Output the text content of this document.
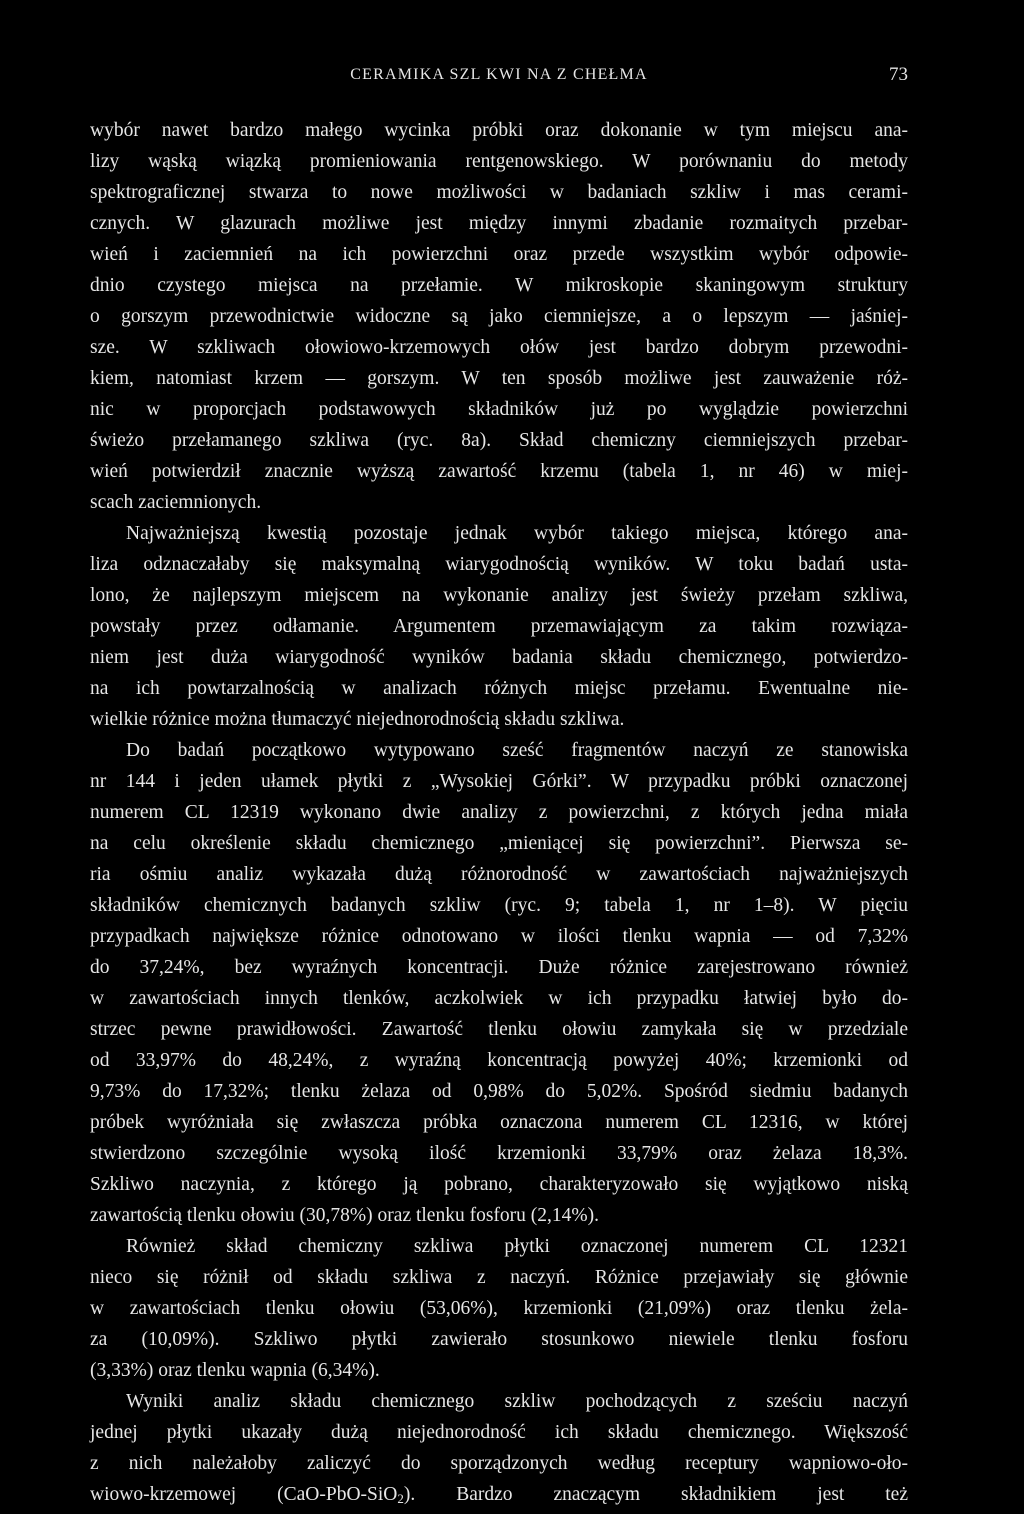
CERAMIKA SZL KWI NA Z CHEŁMA	73
wybór nawet bardzo małego wycinka próbki oraz dokonanie w tym miejscu ana-
lizy wąską wiązką promieniowania rentgenowskiego. W porównaniu do metody
spektrograficznej stwarza to nowe możliwości w badaniach szkliw i mas cerami-
cznych. W glazurach możliwe jest między innymi zbadanie rozmaitych przebar-
wień i zaciemnień na ich powierzchni oraz przede wszystkim wybór odpowie-
dnio czystego miejsca na przełamie. W mikroskopie skaningowym struktury
o gorszym przewodnictwie widoczne są jako ciemniejsze, a o lepszym — jaśniej-
sze. W szkliwach ołowiowo-krzemowych ołów jest bardzo dobrym przewodni-
kiem, natomiast krzem — gorszym. W ten sposób możliwe jest zauważenie róż-
nic w proporcjach podstawowych składników już po wyglądzie powierzchni
świeżo przełamanego szkliwa (ryc. 8a). Skład chemiczny ciemniejszych przebar-
wień potwierdził znacznie wyższą zawartość krzemu (tabela 1, nr 46) w miej-
scach zaciemnionych.
Najważniejszą kwestią pozostaje jednak wybór takiego miejsca, którego ana-
liza odznaczałaby się maksymalną wiarygodnością wyników. W toku badań usta-
lono, że najlepszym miejscem na wykonanie analizy jest świeży przełam szkliwa,
powstały przez odłamanie. Argumentem przemawiającym za takim rozwiąza-
niem jest duża wiarygodność wyników badania składu chemicznego, potwierdzo-
na ich powtarzalnością w analizach różnych miejsc przełamu. Ewentualne nie-
wielkie różnice można tłumaczyć niejednorodnością składu szkliwa.
Do badań początkowo wytypowano sześć fragmentów naczyń ze stanowiska
nr 144 i jeden ułamek płytki z „Wysokiej Górki”. W przypadku próbki oznaczonej
numerem CL 12319 wykonano dwie analizy z powierzchni, z których jedna miała
na celu określenie składu chemicznego „mieniącej się powierzchni”. Pierwsza se-
ria ośmiu analiz wykazała dużą różnorodność w zawartościach najważniejszych
składników chemicznych badanych szkliw (ryc. 9; tabela 1, nr 1–8). W pięciu
przypadkach największe różnice odnotowano w ilości tlenku wapnia — od 7,32%
do 37,24%, bez wyraźnych koncentracji. Duże różnice zarejestrowano również
w zawartościach innych tlenków, aczkolwiek w ich przypadku łatwiej było do-
strzec pewne prawidłowości. Zawartość tlenku ołowiu zamykała się w przedziale
od 33,97% do 48,24%, z wyraźną koncentracją powyżej 40%; krzemionki od
9,73% do 17,32%; tlenku żelaza od 0,98% do 5,02%. Spośród siedmiu badanych
próbek wyróżniała się zwłaszcza próbka oznaczona numerem CL 12316, w której
stwierdzono szczególnie wysoką ilość krzemionki 33,79% oraz żelaza 18,3%.
Szkliwo naczynia, z którego ją pobrano, charakteryzowało się wyjątkowo niską
zawartością tlenku ołowiu (30,78%) oraz tlenku fosforu (2,14%).
Również skład chemiczny szkliwa płytki oznaczonej numerem CL 12321
nieco się różnił od składu szkliwa z naczyń. Różnice przejawiały się głównie
w zawartościach tlenku ołowiu (53,06%), krzemionki (21,09%) oraz tlenku żela-
za (10,09%). Szkliwo płytki zawierało stosunkowo niewiele tlenku fosforu
(3,33%) oraz tlenku wapnia (6,34%).
Wyniki analiz składu chemicznego szkliw pochodzących z sześciu naczyń
jednej płytki ukazały dużą niejednorodność ich składu chemicznego. Większość
z nich należałoby zaliczyć do sporządzonych według receptury wapniowo-oło-
wiowo-krzemowej (CaO-PbO-SiO$_2$). Bardzo znaczącym składnikiem jest też
